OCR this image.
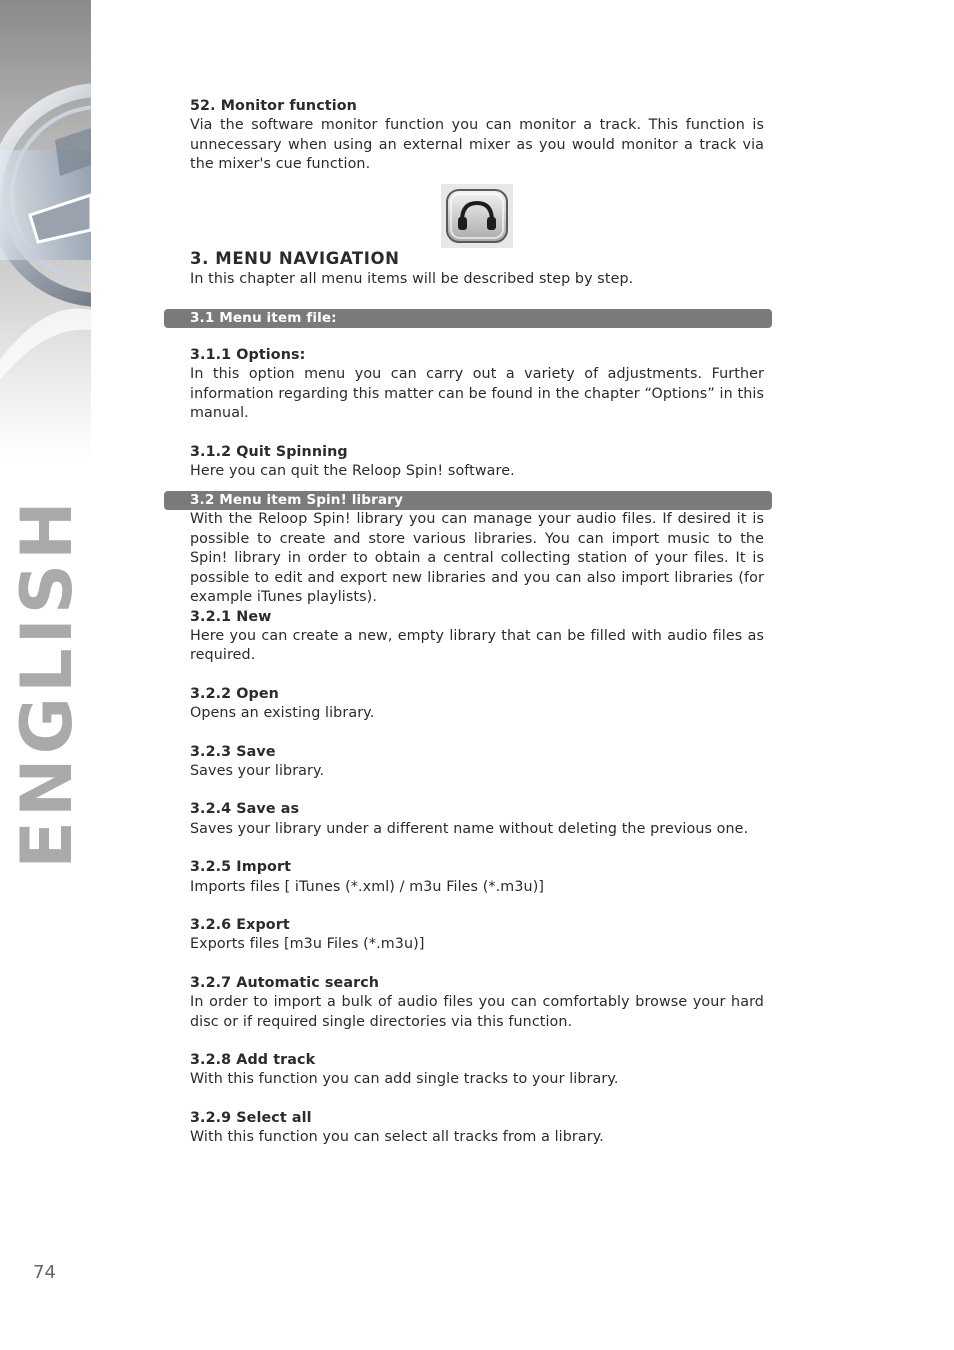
ENGLISH

52. Monitor function

Via the software monitor function you can monitor a track. This function is unnecessary when using an external mixer as you would monitor a track via the mixer's cue function.

3. MENU NAVIGATION

In this chapter all menu items will be described step by step.

3.1 Menu item file:

3.1.1 Options:

In this option menu you can carry out a variety of adjustments. Further information regarding this matter can be found in the chapter “Options” in this manual.

3.1.2 Quit Spinning

Here you can quit the Reloop Spin! software.

3.2 Menu item Spin! library

With the Reloop Spin! library you can manage your audio files. If desired it is possible to create and store various libraries. You can import music to the Spin! library in order to obtain a central collecting station of your files. It is possible to edit and export new libraries and you can also import libraries (for example iTunes playlists).

3.2.1 New

Here you can create a new, empty library that can be filled with audio files as required.

3.2.2 Open

Opens an existing library.

3.2.3 Save

Saves your library.

3.2.4 Save as

Saves your library under a different name without deleting the previous one.

3.2.5 Import

Imports files [ iTunes (*.xml) / m3u Files (*.m3u)]

3.2.6 Export

Exports files [m3u Files (*.m3u)]

3.2.7 Automatic search

In order to import a bulk of audio files you can comfortably browse your hard disc or if required single directories via this function.

3.2.8 Add track

With this function you can add single tracks to your library.

3.2.9 Select all

With this function you can select all tracks from a library.

74
